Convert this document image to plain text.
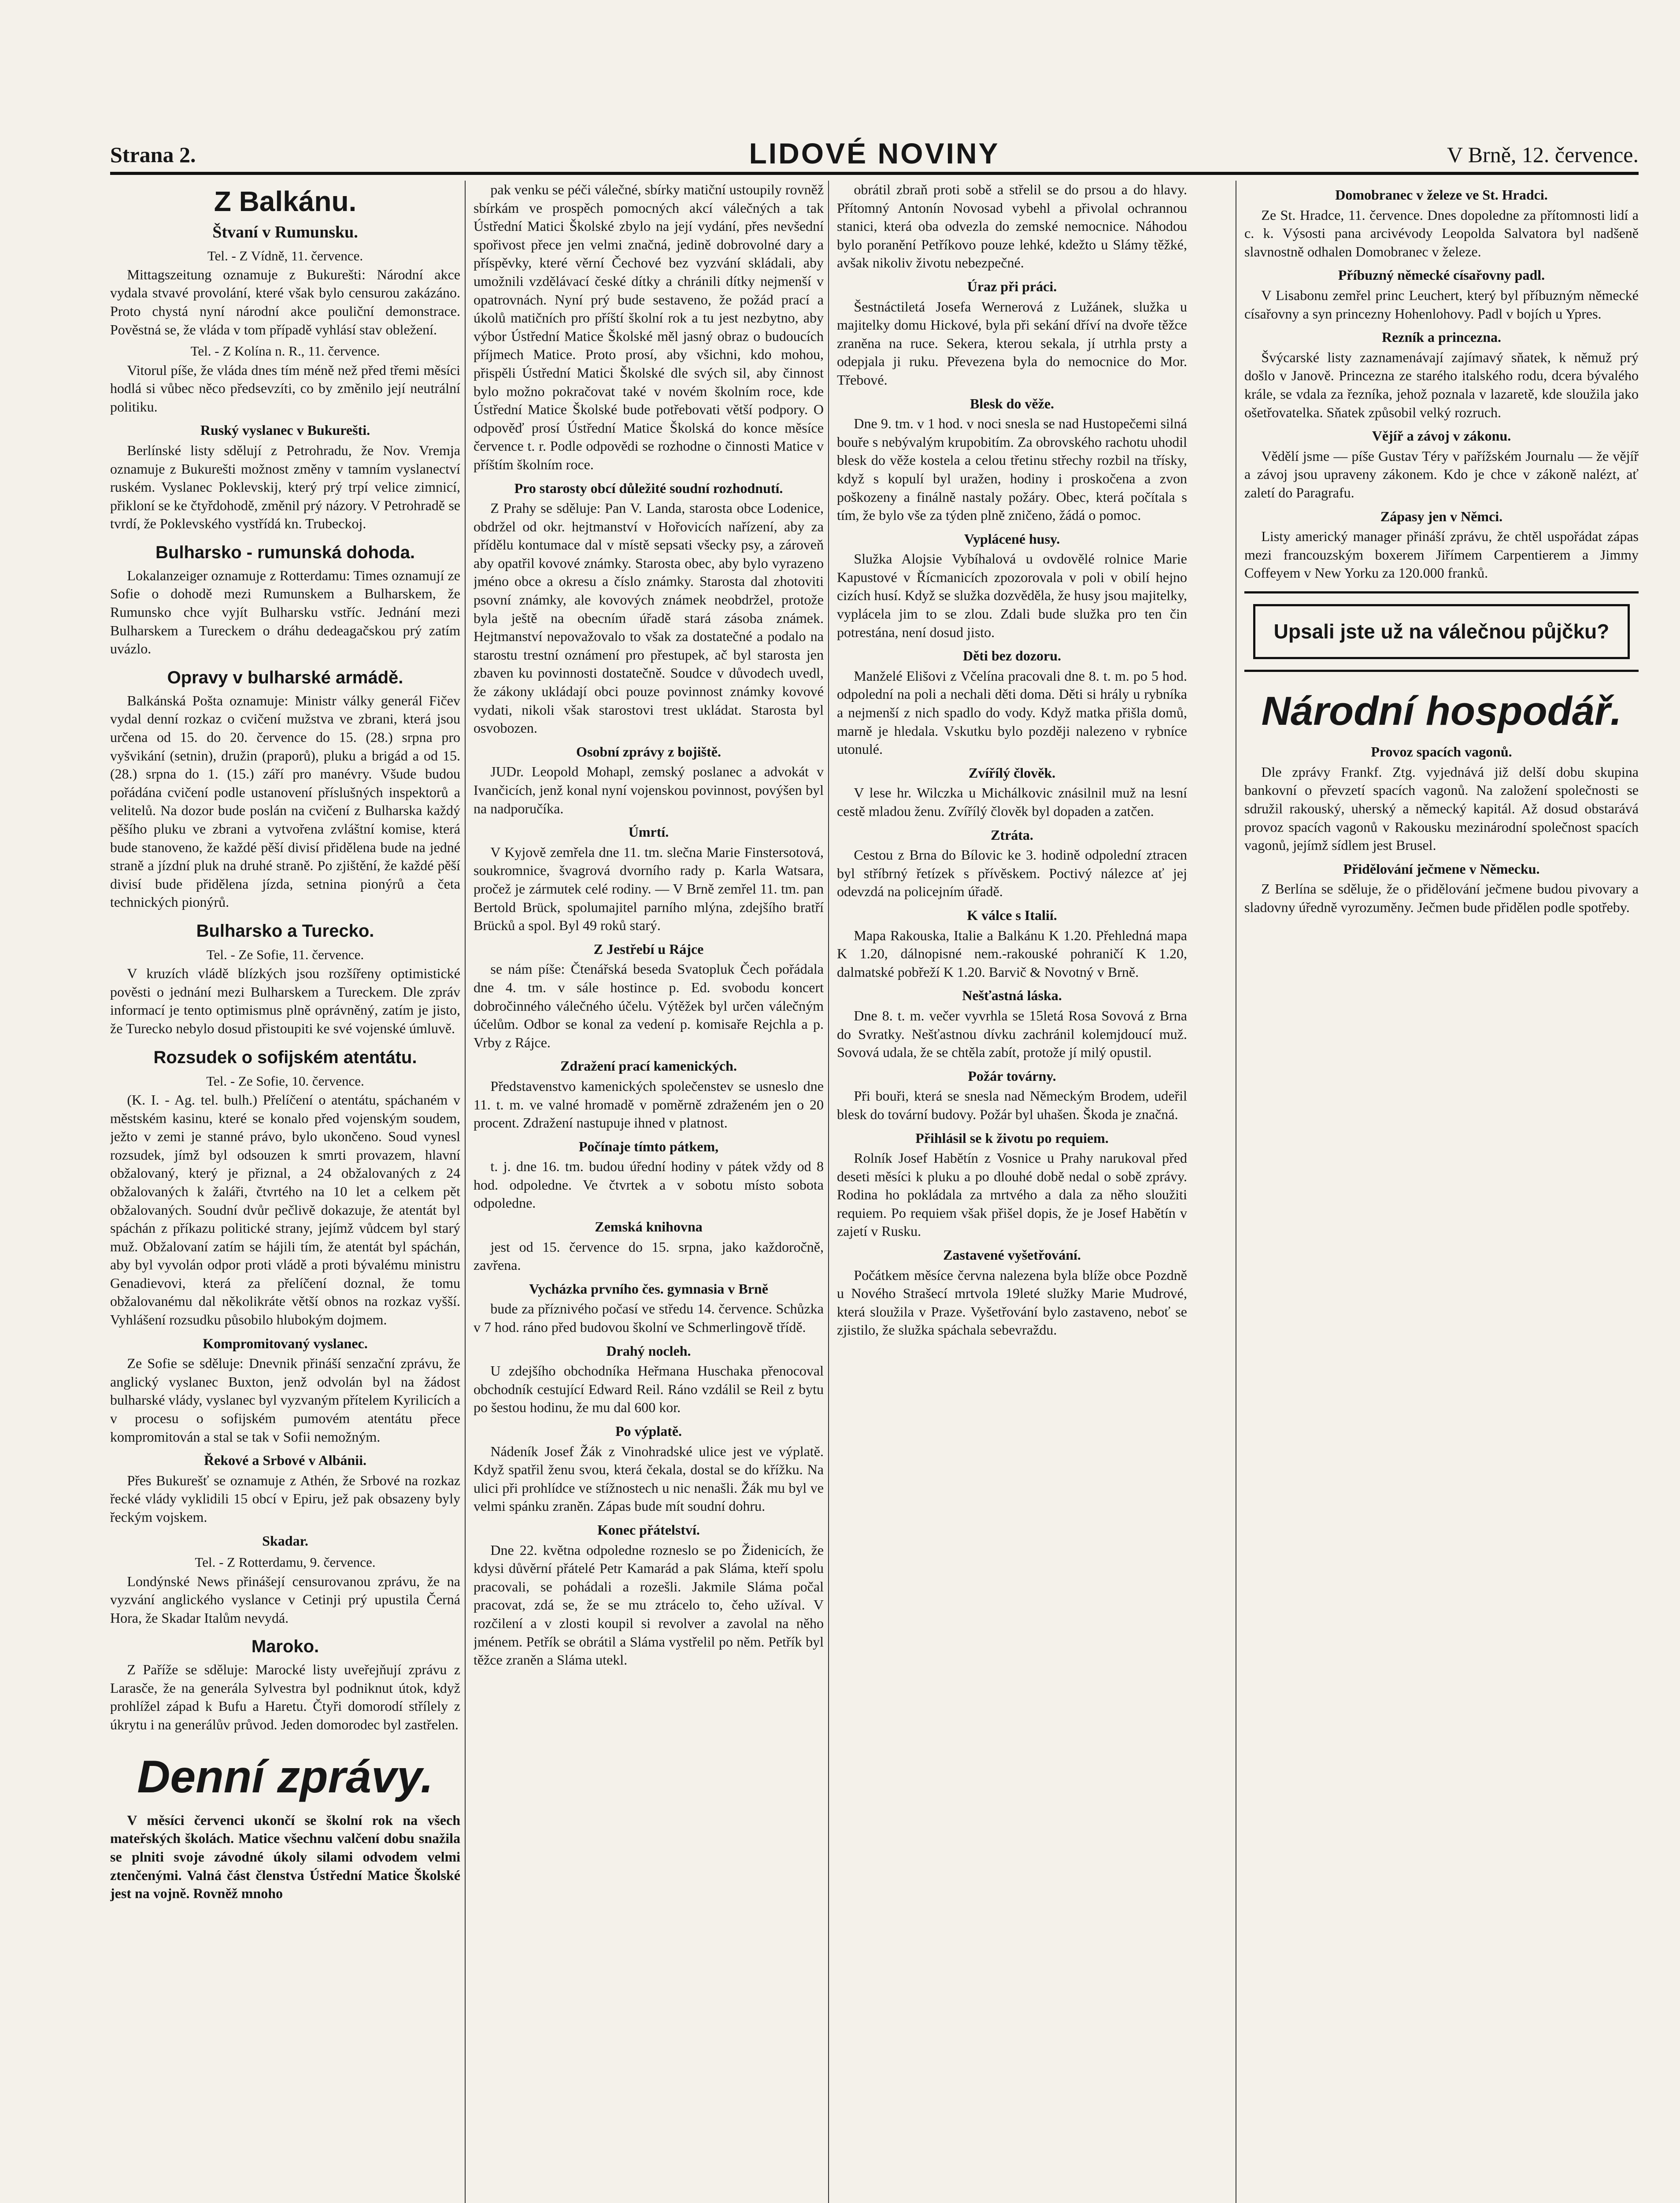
Strana 2.	LIDOVÉ NOVINY	V Brně, 12. července.
Z Balkánu.
Štvaní v Rumunsku.
Tel. - Z Vídně, 11. července.

Mittagszeitung oznamuje z Bukurešti: Národní akce vydala stvavé provolání, které však bylo censurou zakázáno. Proto chystá nyní národní akce pouliční demonstrace. Pověstná se, že vláda v tom případě vyhlásí stav obležení.

Tel. - Z Kolína n. R., 11. července.

Vitorul píše, že vláda dnes tím méně než před třemi měsíci hodlá si vůbec něco předsevzíti, co by změnilo její neutrální politiku.

Ruský vyslanec v Bukurešti.

Berlínské listy sdělují z Petrohradu, že Nov. Vremja oznamuje z Bukurešti možnost změny v tamním vyslanectví ruském. Vyslanec Poklevskij, který prý trpí velice zimnicí, přikloní se ke čtyřdohodě, změnil prý názory. V Petrohradě se tvrdí, že Poklevského vystřídá kn. Trubeckoj.

Bulharsko - rumunská dohoda.

Lokalanzeiger oznamuje z Rotterdamu: Times oznamují ze Sofie o dohodě mezi Rumunskem a Bulharskem, že Rumunsko chce vyjít Bulharsku vstříc. Jednání mezi Bulharskem a Tureckem o dráhu dedeagačskou prý zatím uvázlo.

Opravy v bulharské armádě.

Balkánská Pošta oznamuje: Ministr války generál Fičev vydal denní rozkaz o cvičení mužstva ve zbrani, která jsou určena od 15. do 20. července do 15. (28.) srpna pro vyšvikání (setnin), družin (praporů), pluku a brigád a od 15. (28.) srpna do 1. (15.) září pro manévry. Všude budou pořádána cvičení podle ustanovení příslušných inspektorů a velitelů. Na dozor bude poslán na cvičení z Bulharska každý pěšího pluku ve zbrani a vytvořena zvláštní komise, která bude stanoveno, že každé pěší divisí přidělena bude na jedné straně a jízdní pluk na druhé straně. Po zjištění, že každé pěší divisí bude přidělena jízda, setnina pionýrů a četa technických pionýrů.

Bulharsko a Turecko.
Tel. - Ze Sofie, 11. července.

V kruzích vládě blízkých jsou rozšířeny optimistické pověsti o jednání mezi Bulharskem a Tureckem. Dle zpráv informací je tento optimismus plně oprávněný, zatím je jisto, že Turecko nebylo dosud přistoupiti ke své vojenské úmluvě.

Rozsudek o sofijském atentátu.
Tel. - Ze Sofie, 10. července.

(K. I. - Ag. tel. bulh.) Přelíčení o atentátu, spáchaném v městském kasinu, které se konalo před vojenským soudem, ježto v zemi je stanné právo, bylo ukončeno. Soud vynesl rozsudek, jímž byl odsouzen k smrti provazem, hlavní obžalovaný, který je přiznal, a 24 obžalovaných z 24 obžalovaných k žaláři, čtvrtého na 10 let a celkem pět obžalovaných. Soudní dvůr pečlivě dokazuje, že atentát byl spáchán z příkazu politické strany, jejímž vůdcem byl starý muž. Obžalovaní zatím se hájili tím, že atentát byl spáchán, aby byl vyvolán odpor proti vládě a proti bývalému ministru Genadievovi, která za přelíčení doznal, že tomu obžalovanému dal několikráte větší obnos na rozkaz vyšší. Vyhlášení rozsudku působilo hlubokým dojmem.

Kompromitovaný vyslanec.

Ze Sofie se sděluje: Dnevnik přináší senzační zprávu, že anglický vyslanec Buxton, jenž odvolán byl na žádost bulharské vlády, vyslanec byl vyzvaným přítelem Kyrilicích a v procesu o sofijském pumovém atentátu přece kompromitován a stal se tak v Sofii nemožným.

Řekové a Srbové v Albánii.

Přes Bukurešť se oznamuje z Athén, že Srbové na rozkaz řecké vlády vyklidili 15 obcí v Epiru, jež pak obsazeny byly řeckým vojskem.

Skadar.
Tel. - Z Rotterdamu, 9. července.

Londýnské News přinášejí censurovanou zprávu, že na vyzvání anglického vyslance v Cetinji prý upustila Černá Hora, že Skadar Italům nevydá.

Maroko.

Z Paříže se sděluje: Marocké listy uveřejňují zprávu z Larasče, že na generála Sylvestra byl podniknut útok, když prohlížel západ k Bufu a Haretu. Čtyři domorodí střílely z úkrytu i na generálův průvod. Jeden domorodec byl zastřelen.

Denní zprávy.

V měsíci červenci ukončí se školní rok na všech mateřských školách. Matice všechnu valčení dobu snažila se plniti svoje závodné úkoly silami odvodem velmi ztenčenými. Valná část členstva Ústřední Matice Školské jest na vojně. Rovněž mnoho

pak venku se péči válečné, sbírky matiční ustoupily rovněž sbírkám ve prospěch pomocných akcí válečných a tak Ústřední Matici Školské zbylo na její vydání, přes nevšední spořivost přece jen velmi značná, jedině dobrovolné dary a příspěvky, které věrní Čechové bez vyzvání skládali, aby umožnili vzdělávací české dítky a chránili dítky nejmenší v opatrovnách. Nyní prý bude sestaveno, že požád prací a úkolů matičních pro příští školní rok a tu jest nezbytno, aby výbor Ústřední Matice Školské měl jasný obraz o budoucích příjmech Matice. Proto prosí, aby všichni, kdo mohou, přispěli Ústřední Matici Školské dle svých sil, aby činnost bylo možno pokračovat také v novém školním roce, kde Ústřední Matice Školské bude potřebovati větší podpory. O odpověď prosí Ústřední Matice Školská do konce měsíce července t. r. Podle odpovědi se rozhodne o činnosti Matice v příštím školním roce.

Pro starosty obcí důležité soudní rozhodnutí.

Z Prahy se sděluje: Pan V. Landa, starosta obce Lodenice, obdržel od okr. hejtmanství v Hořovicích nařízení, aby za přídělu kontumace dal v místě sepsati všecky psy, a zároveň aby opatřil kovové známky. Starosta obec, aby bylo vyrazeno jméno obce a okresu a číslo známky. Starosta dal zhotoviti psovní známky, ale kovových známek neobdržel, protože byla ještě na obecním úřadě stará zásoba známek. Hejtmanství nepovažovalo to však za dostatečné a podalo na starostu trestní oznámení pro přestupek, ač byl starosta jen zbaven ku povinnosti dostatečně. Soudce v důvodech uvedl, že zákony ukládají obci pouze povinnost známky kovové vydati, nikoli však starostovi trest ukládat. Starosta byl osvobozen.

Osobní zprávy z bojiště.

JUDr. Leopold Mohapl, zemský poslanec a advokát v Ivančicích, jenž konal nyní vojenskou povinnost, povýšen byl na nadporučíka.

Úmrtí.

V Kyjově zemřela dne 11. tm. slečna Marie Finstersotová, soukromnice, švagrová dvorního rady p. Karla Watsara, pročež je zármutek celé rodiny. — V Brně zemřel 11. tm. pan Bertold Brück, spolumajitel parního mlýna, zdejšího bratří Brücků a spol. Byl 49 roků starý.

Z Jestřebí u Rájce

se nám píše: Čtenářská beseda Svatopluk Čech pořádala dne 4. tm. v sále hostince p. Ed. svobodu koncert dobročinného válečného účelu. Výtěžek byl určen válečným účelům. Odbor se konal za vedení p. komisaře Rejchla a p. Vrby z Rájce.

Zdražení prací kamenických.

Představenstvo kamenických společenstev se usneslo dne 11. t. m. ve valné hromadě v poměrně zdraženém jen o 20 procent. Zdražení nastupuje ihned v platnost.

Počínaje tímto pátkem,

t. j. dne 16. tm. budou úřední hodiny v pátek vždy od 8 hod. odpoledne. Ve čtvrtek a v sobotu místo sobota odpoledne.

Zemská knihovna

jest od 15. července do 15. srpna, jako každoročně, zavřena.

Vycházka prvního čes. gymnasia v Brně

bude za příznivého počasí ve středu 14. července. Schůzka v 7 hod. ráno před budovou školní ve Schmerlingově třídě.

Drahý nocleh.

U zdejšího obchodníka Heřmana Huschaka přenocoval obchodník cestující Edward Reil. Ráno vzdálil se Reil z bytu po šestou hodinu, že mu dal 600 kor.

Po výplatě.

Nádeník Josef Žák z Vinohradské ulice jest ve výplatě. Když spatřil ženu svou, která čekala, dostal se do křížku. Na ulici při prohlídce ve stížnostech u nic nenašli. Žák mu byl ve velmi spánku zraněn. Zápas bude mít soudní dohru.

Konec přátelství.

Dne 22. května odpoledne rozneslo se po Židenicích, že kdysi důvěrní přátelé Petr Kamarád a pak Sláma, kteří spolu pracovali, se pohádali a rozešli. Jakmile Sláma počal pracovat, zdá se, že se mu ztrácelo to, čeho užíval. V rozčilení a v zlosti koupil si revolver a zavolal na něho jménem. Petřík se obrátil a Sláma vystřelil po něm. Petřík byl těžce zraněn a Sláma utekl.

obrátil zbraň proti sobě a střelil se do prsou a do hlavy. Přítomný Antonín Novosad vybehl a přivolal ochrannou stanici, která oba odvezla do zemské nemocnice. Náhodou bylo poranění Petříkovo pouze lehké, kdežto u Slámy těžké, avšak nikoliv životu nebezpečné.

Úraz při práci.

Šestnáctiletá Josefa Wernerová z Lužánek, služka u majitelky domu Hickové, byla při sekání dříví na dvoře těžce zraněna na ruce. Sekera, kterou sekala, jí utrhla prsty a odepjala ji ruku. Převezena byla do nemocnice do Mor. Třebové.

Blesk do věže.

Dne 9. tm. v 1 hod. v noci snesla se nad Hustopečemi silná bouře s nebývalým krupobitím. Za obrovského rachotu uhodil blesk do věže kostela a celou třetinu střechy rozbil na třísky, když s kopulí byl uražen, hodiny i proskočena a zvon poškozeny a finálně nastaly požáry. Obec, která počítala s tím, že bylo vše za týden plně zničeno, žádá o pomoc.

Vyplácené husy.

Služka Alojsie Vybíhalová u ovdovělé rolnice Marie Kapustové v Řícmanicích zpozorovala v poli v obilí hejno cizích husí. Když se služka dozvěděla, že husy jsou majitelky, vyplácela jim to se zlou. Zdali bude služka pro ten čin potrestána, není dosud jisto.

Děti bez dozoru.

Manželé Elišovi z Včelína pracovali dne 8. t. m. po 5 hod. odpolední na poli a nechali děti doma. Děti si hrály u rybníka a nejmenší z nich spadlo do vody. Když matka přišla domů, marně je hledala. Vskutku bylo později nalezeno v rybníce utonulé.

Zvířílý člověk.

V lese hr. Wilczka u Michálkovic znásilnil muž na lesní cestě mladou ženu. Zvířílý člověk byl dopaden a zatčen.

Ztráta.

Cestou z Brna do Bílovic ke 3. hodině odpolední ztracen byl stříbrný řetízek s přívěskem. Poctivý nálezce ať jej odevzdá na policejním úřadě.

K válce s Italií.

Mapa Rakouska, Italie a Balkánu K 1.20. Přehledná mapa K 1.20, dálnopisné nem.-rakouské pohraničí K 1.20, dalmatské pobřeží K 1.20. Barvič & Novotný v Brně.

Nešťastná láska.

Dne 8. t. m. večer vyvrhla se 15letá Rosa Sovová z Brna do Svratky. Nešťastnou dívku zachránil kolemjdoucí muž. Sovová udala, že se chtěla zabít, protože jí milý opustil.

Požár továrny.

Při bouři, která se snesla nad Německým Brodem, udeřil blesk do tovární budovy. Požár byl uhašen. Škoda je značná.

Přihlásil se k životu po requiem.

Rolník Josef Habětín z Vosnice u Prahy narukoval před deseti měsíci k pluku a po dlouhé době nedal o sobě zprávy. Rodina ho pokládala za mrtvého a dala za něho sloužiti requiem. Po requiem však přišel dopis, že je Josef Habětín v zajetí v Rusku.

Zastavené vyšetřování.

Počátkem měsíce června nalezena byla blíže obce Pozdně u Nového Strašecí mrtvola 19leté služky Marie Mudrové, která sloužila v Praze. Vyšetřování bylo zastaveno, neboť se zjistilo, že služka spáchala sebevraždu.

Domobranec v železe ve St. Hradci.

Ze St. Hradce, 11. července. Dnes dopoledne za přítomnosti lidí a c. k. Výsosti pana arcivévody Leopolda Salvatora byl nadšeně slavnostně odhalen Domobranec v železe.

Příbuzný německé císařovny padl.

V Lisabonu zemřel princ Leuchert, který byl příbuzným německé císařovny a syn princezny Hohenlohovy. Padl v bojích u Ypres.

Rezník a princezna.

Švýcarské listy zaznamenávají zajímavý sňatek, k němuž prý došlo v Janově. Princezna ze starého italského rodu, dcera bývalého krále, se vdala za řezníka, jehož poznala v lazaretě, kde sloužila jako ošetřovatelka. Sňatek způsobil velký rozruch.

Vějíř a závoj v zákonu.

Vědělí jsme — píše Gustav Téry v pařížském Journalu — že vějíř a závoj jsou upraveny zákonem. Kdo je chce v zákoně nalézt, ať zaletí do Paragrafu.

Zápasy jen v Němci.

Listy americký manager přináší zprávu, že chtěl uspořádat zápas mezi francouzským boxerem Jiřímem Carpentierem a Jimmy Coffeyem v New Yorku za 120.000 franků.

Upsali jste už na válečnou půjčku?
Národní hospodář.
Provoz spacích vagonů.

Dle zprávy Frankf. Ztg. vyjednává již delší dobu skupina bankovní o převzetí spacích vagonů. Na založení společnosti se sdružil rakouský, uherský a německý kapitál. Až dosud obstarává provoz spacích vagonů v Rakousku mezinárodní společnost spacích vagonů, jejímž sídlem jest Brusel.

Přidělování ječmene v Německu.

Z Berlína se sděluje, že o přidělování ječmene budou pivovary a sladovny úředně vyrozuměny. Ječmen bude přidělen podle spotřeby.
